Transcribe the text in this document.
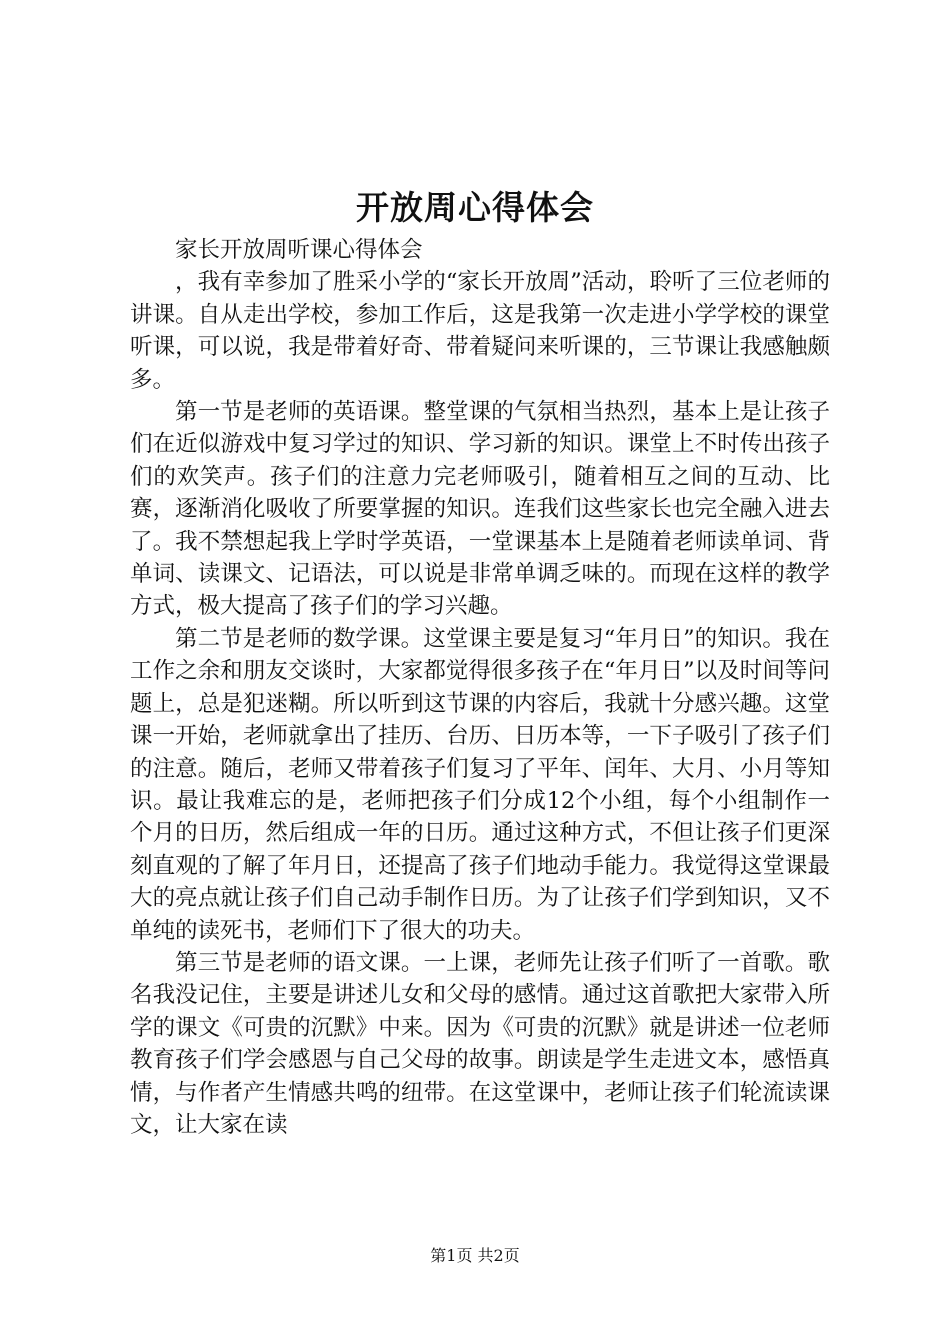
开放周心得体会

家长开放周听课心得体会

，我有幸参加了胜采小学的“家长开放周”活动，聆听了三位老师的讲课。自从走出学校，参加工作后，这是我第一次走进小学学校的课堂听课，可以说，我是带着好奇、带着疑问来听课的，三节课让我感触颇多。

第一节是老师的英语课。整堂课的气氛相当热烈，基本上是让孩子们在近似游戏中复习学过的知识、学习新的知识。课堂上不时传出孩子们的欢笑声。孩子们的注意力完老师吸引，随着相互之间的互动、比赛，逐渐消化吸收了所要掌握的知识。连我们这些家长也完全融入进去了。我不禁想起我上学时学英语，一堂课基本上是随着老师读单词、背单词、读课文、记语法，可以说是非常单调乏味的。而现在这样的教学方式，极大提高了孩子们的学习兴趣。

第二节是老师的数学课。这堂课主要是复习“年月日”的知识。我在工作之余和朋友交谈时，大家都觉得很多孩子在“年月日”以及时间等问题上，总是犯迷糊。所以听到这节课的内容后，我就十分感兴趣。这堂课一开始，老师就拿出了挂历、台历、日历本等，一下子吸引了孩子们的注意。随后，老师又带着孩子们复习了平年、闰年、大月、小月等知识。最让我难忘的是，老师把孩子们分成12个小组，每个小组制作一个月的日历，然后组成一年的日历。通过这种方式，不但让孩子们更深刻直观的了解了年月日，还提高了孩子们地动手能力。我觉得这堂课最大的亮点就让孩子们自己动手制作日历。为了让孩子们学到知识，又不单纯的读死书，老师们下了很大的功夫。

第三节是老师的语文课。一上课，老师先让孩子们听了一首歌。歌名我没记住，主要是讲述儿女和父母的感情。通过这首歌把大家带入所学的课文《可贵的沉默》中来。因为《可贵的沉默》就是讲述一位老师教育孩子们学会感恩与自己父母的故事。朗读是学生走进文本，感悟真情，与作者产生情感共鸣的纽带。在这堂课中，老师让孩子们轮流读课文，让大家在读

第1页 共2页
